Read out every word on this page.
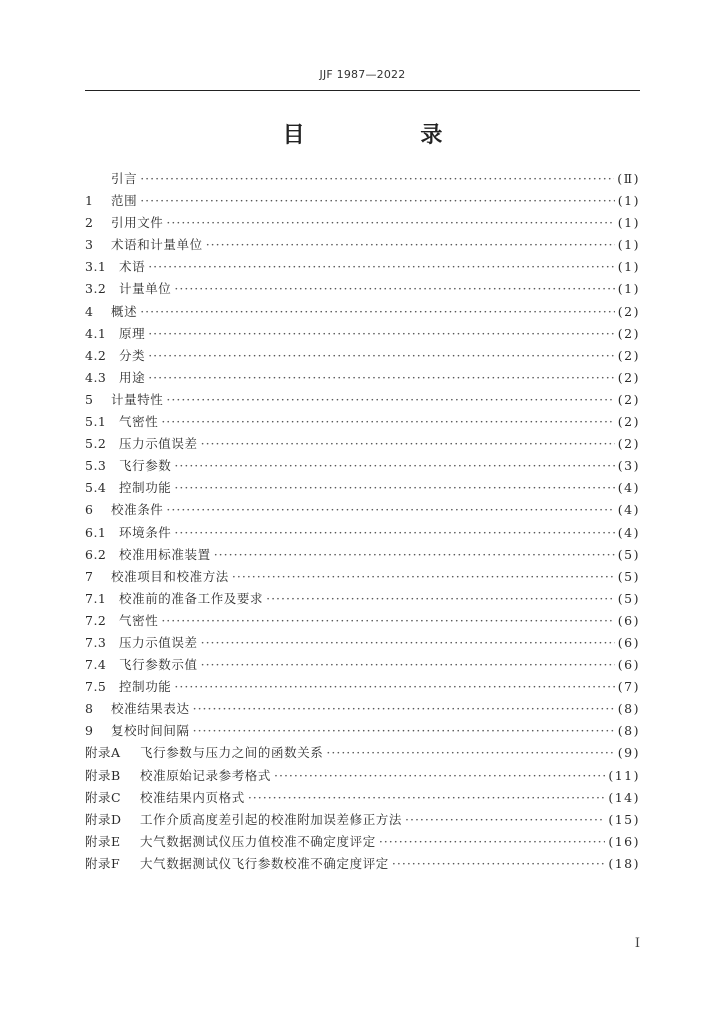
JJF 1987—2022
目 录
引言 ·····	(Ⅱ)
1	范围 ·····	(1)
2	引用文件 ·····	(1)
3	术语和计量单位 ·····	(1)
3.1	术语 ·····	(1)
3.2	计量单位 ·····	(1)
4	概述 ·····	(2)
4.1	原理 ·····	(2)
4.2	分类 ·····	(2)
4.3	用途 ·····	(2)
5	计量特性 ·····	(2)
5.1	气密性 ·····	(2)
5.2	压力示值误差 ·····	(2)
5.3	飞行参数 ·····	(3)
5.4	控制功能 ·····	(4)
6	校准条件 ·····	(4)
6.1	环境条件 ·····	(4)
6.2	校准用标准装置 ·····	(5)
7	校准项目和校准方法 ·····	(5)
7.1	校准前的准备工作及要求 ·····	(5)
7.2	气密性 ·····	(6)
7.3	压力示值误差 ·····	(6)
7.4	飞行参数示值 ·····	(6)
7.5	控制功能 ·····	(7)
8	校准结果表达 ·····	(8)
9	复校时间间隔 ·····	(8)
附录A	飞行参数与压力之间的函数关系 ·····	(9)
附录B	校准原始记录参考格式 ·····	(11)
附录C	校准结果内页格式 ·····	(14)
附录D	工作介质高度差引起的校准附加误差修正方法 ·····	(15)
附录E	大气数据测试仪压力值校准不确定度评定 ·····	(16)
附录F	大气数据测试仪飞行参数校准不确定度评定 ·····	(18)
Ⅰ
